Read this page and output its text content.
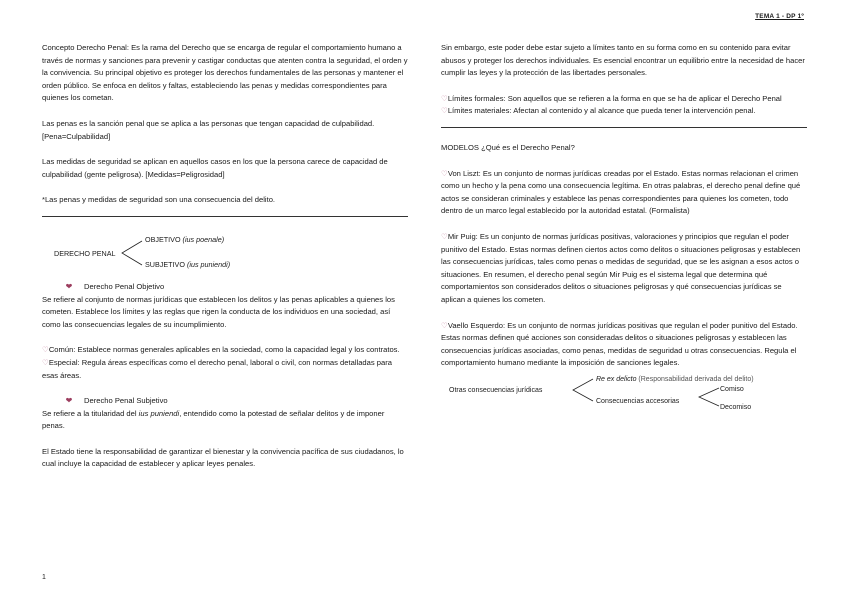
TEMA 1 - DP 1º

Concepto Derecho Penal: Es la rama del Derecho que se encarga de regular el comportamiento humano a través de normas y sanciones para prevenir y castigar conductas que atenten contra la seguridad, el orden y la convivencia. Su principal objetivo es proteger los derechos fundamentales de las personas y mantener el orden público. Se enfoca en delitos y faltas, estableciendo las penas y medidas correspondientes para quienes los cometan.

Las penas es la sanción penal que se aplica a las personas que tengan capacidad de culpabilidad. [Pena=Culpabilidad]

Las medidas de seguridad se aplican en aquellos casos en los que la persona carece de capacidad de culpabilidad (gente peligrosa). [Medidas=Peligrosidad]

*Las penas y medidas de seguridad son una consecuencia del delito.

DERECHO PENAL
OBJETIVO (ius poenale)
SUBJETIVO (ius puniendi)
❤ Derecho Penal Objetivo

Se refiere al conjunto de normas jurídicas que establecen los delitos y las penas aplicables a quienes los cometen. Establece los límites y las reglas que rigen la conducta de los individuos en una sociedad, así como las consecuencias legales de su incumplimiento.

♡Común: Establece normas generales aplicables en la sociedad, como la capacidad legal y los contratos.

♡Especial: Regula áreas específicas como el derecho penal, laboral o civil, con normas detalladas para esas áreas.

❤ Derecho Penal Subjetivo

Se refiere a la titularidad del ius puniendi, entendido como la potestad de señalar delitos y de imponer penas.

El Estado tiene la responsabilidad de garantizar el bienestar y la convivencia pacífica de sus ciudadanos, lo cual incluye la capacidad de establecer y aplicar leyes penales.

Sin embargo, este poder debe estar sujeto a límites tanto en su forma como en su contenido para evitar abusos y proteger los derechos individuales. Es esencial encontrar un equilibrio entre la necesidad de hacer cumplir las leyes y la protección de las libertades personales.

♡Límites formales: Son aquellos que se refieren a la forma en que se ha de aplicar el Derecho Penal
♡Límites materiales: Afectan al contenido y al alcance que pueda tener la intervención penal.

MODELOS ¿Qué es el Derecho Penal?

♡Von Liszt: Es un conjunto de normas jurídicas creadas por el Estado. Estas normas relacionan el crimen como un hecho y la pena como una consecuencia legítima. En otras palabras, el derecho penal define qué actos se consideran criminales y establece las penas correspondientes para quienes los cometen, todo dentro de un marco legal establecido por la autoridad estatal. (Formalista)

♡Mir Puig: Es un conjunto de normas jurídicas positivas, valoraciones y principios que regulan el poder punitivo del Estado. Estas normas definen ciertos actos como delitos o situaciones peligrosas y establecen las consecuencias jurídicas, tales como penas o medidas de seguridad, que se les asignan a esos actos o situaciones. En resumen, el derecho penal según Mir Puig es el sistema legal que determina qué comportamientos son considerados delitos o situaciones peligrosas y qué consecuencias jurídicas se aplican a quienes los cometen.

♡Vaello Esquerdo: Es un conjunto de normas jurídicas positivas que regulan el poder punitivo del Estado. Estas normas definen qué acciones son consideradas delitos o situaciones peligrosas y establecen las consecuencias jurídicas asociadas, como penas, medidas de seguridad u otras consecuencias. Regula el comportamiento humano mediante la imposición de sanciones legales.

Otras consecuencias jurídicas
Re ex delicto (Responsabilidad derivada del delito)
Consecuencias accesorias
Comiso
Decomiso
1
